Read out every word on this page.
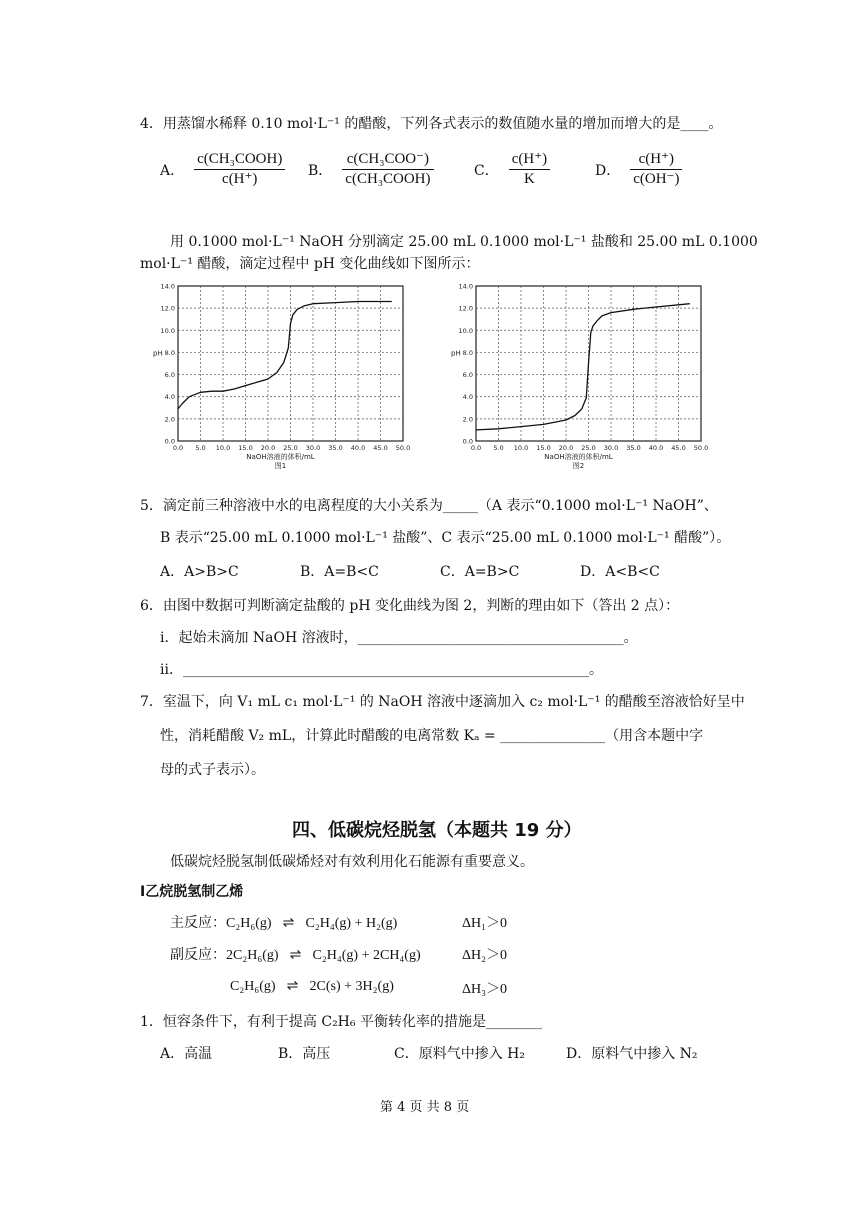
4．用蒸馏水稀释 0.10 mol·L⁻¹ 的醋酸，下列各式表示的数值随水量的增加而增大的是____。
A． $\frac{\text{c(CH₃COOH)}}{c(H^+)}$ B． $\frac{\text{c(CH₃COO⁻)}}{\text{c(CH₃COOH)}}$	C． $\frac{c(H^+)}{K}$	D． $\frac{c(H^+)}{c(OH^-)}$
用 0.1000 mol·L⁻¹ NaOH 分别滴定 25.00 mL 0.1000 mol·L⁻¹ 盐酸和 25.00 mL 0.1000
mol·L⁻¹ 醋酸，滴定过程中 pH 变化曲线如下图所示：
0.0 5.0 10.0 15.0 20.0 25.0 30.0 35.0 40.0 45.0 50.0
0.0
2.0
4.0
6.0
8.0
10.0
12.0
14.0
pH
NaOH溶液的体积/mL
图1
0.0 5.0 10.0 15.0 20.0 25.0 30.0 35.0 40.0 45.0 50.0
0.0
2.0
4.0
6.0
8.0
10.0
12.0
14.0
pH
NaOH溶液的体积/mL
图2
5．滴定前三种溶液中水的电离程度的大小关系为_____（A 表示“0.1000 mol·L⁻¹ NaOH”、
B 表示“25.00 mL 0.1000 mol·L⁻¹ 盐酸”、C 表示“25.00 mL 0.1000 mol·L⁻¹ 醋酸”）。
A．A>B>C	B．A=B<C	C．A=B>C	D．A<B<C
6．由图中数据可判断滴定盐酸的 pH 变化曲线为图 2，判断的理由如下（答出 2 点）：
i．起始未滴加 NaOH 溶液时，______________________________________。
ii．__________________________________________________________。
7．室温下，向 V₁ mL c₁ mol·L⁻¹ 的 NaOH 溶液中逐滴加入 c₂ mol·L⁻¹ 的醋酸至溶液恰好呈中
性，消耗醋酸 V₂ mL，计算此时醋酸的电离常数 Kₐ = _______________（用含本题中字
母的式子表示）。
四、低碳烷烃脱氢（本题共 19 分）
低碳烷烃脱氢制低碳烯烃对有效利用化石能源有重要意义。
Ⅰ乙烷脱氢制乙烯
主反应：C₂H₆(g) ⇌ C₂H₄(g) + H₂(g)	ΔH₁＞0
副反应：2C₂H₆(g) ⇌ C₂H₄(g) + 2CH₄(g)	ΔH₂＞0
C₂H₆(g) ⇌ 2C(s) + 3H₂(g)	ΔH₃＞0
1．恒容条件下，有利于提高 C₂H₆ 平衡转化率的措施是________
A．高温	B．高压	C．原料气中掺入 H₂	D．原料气中掺入 N₂
第 4 页 共 8 页
